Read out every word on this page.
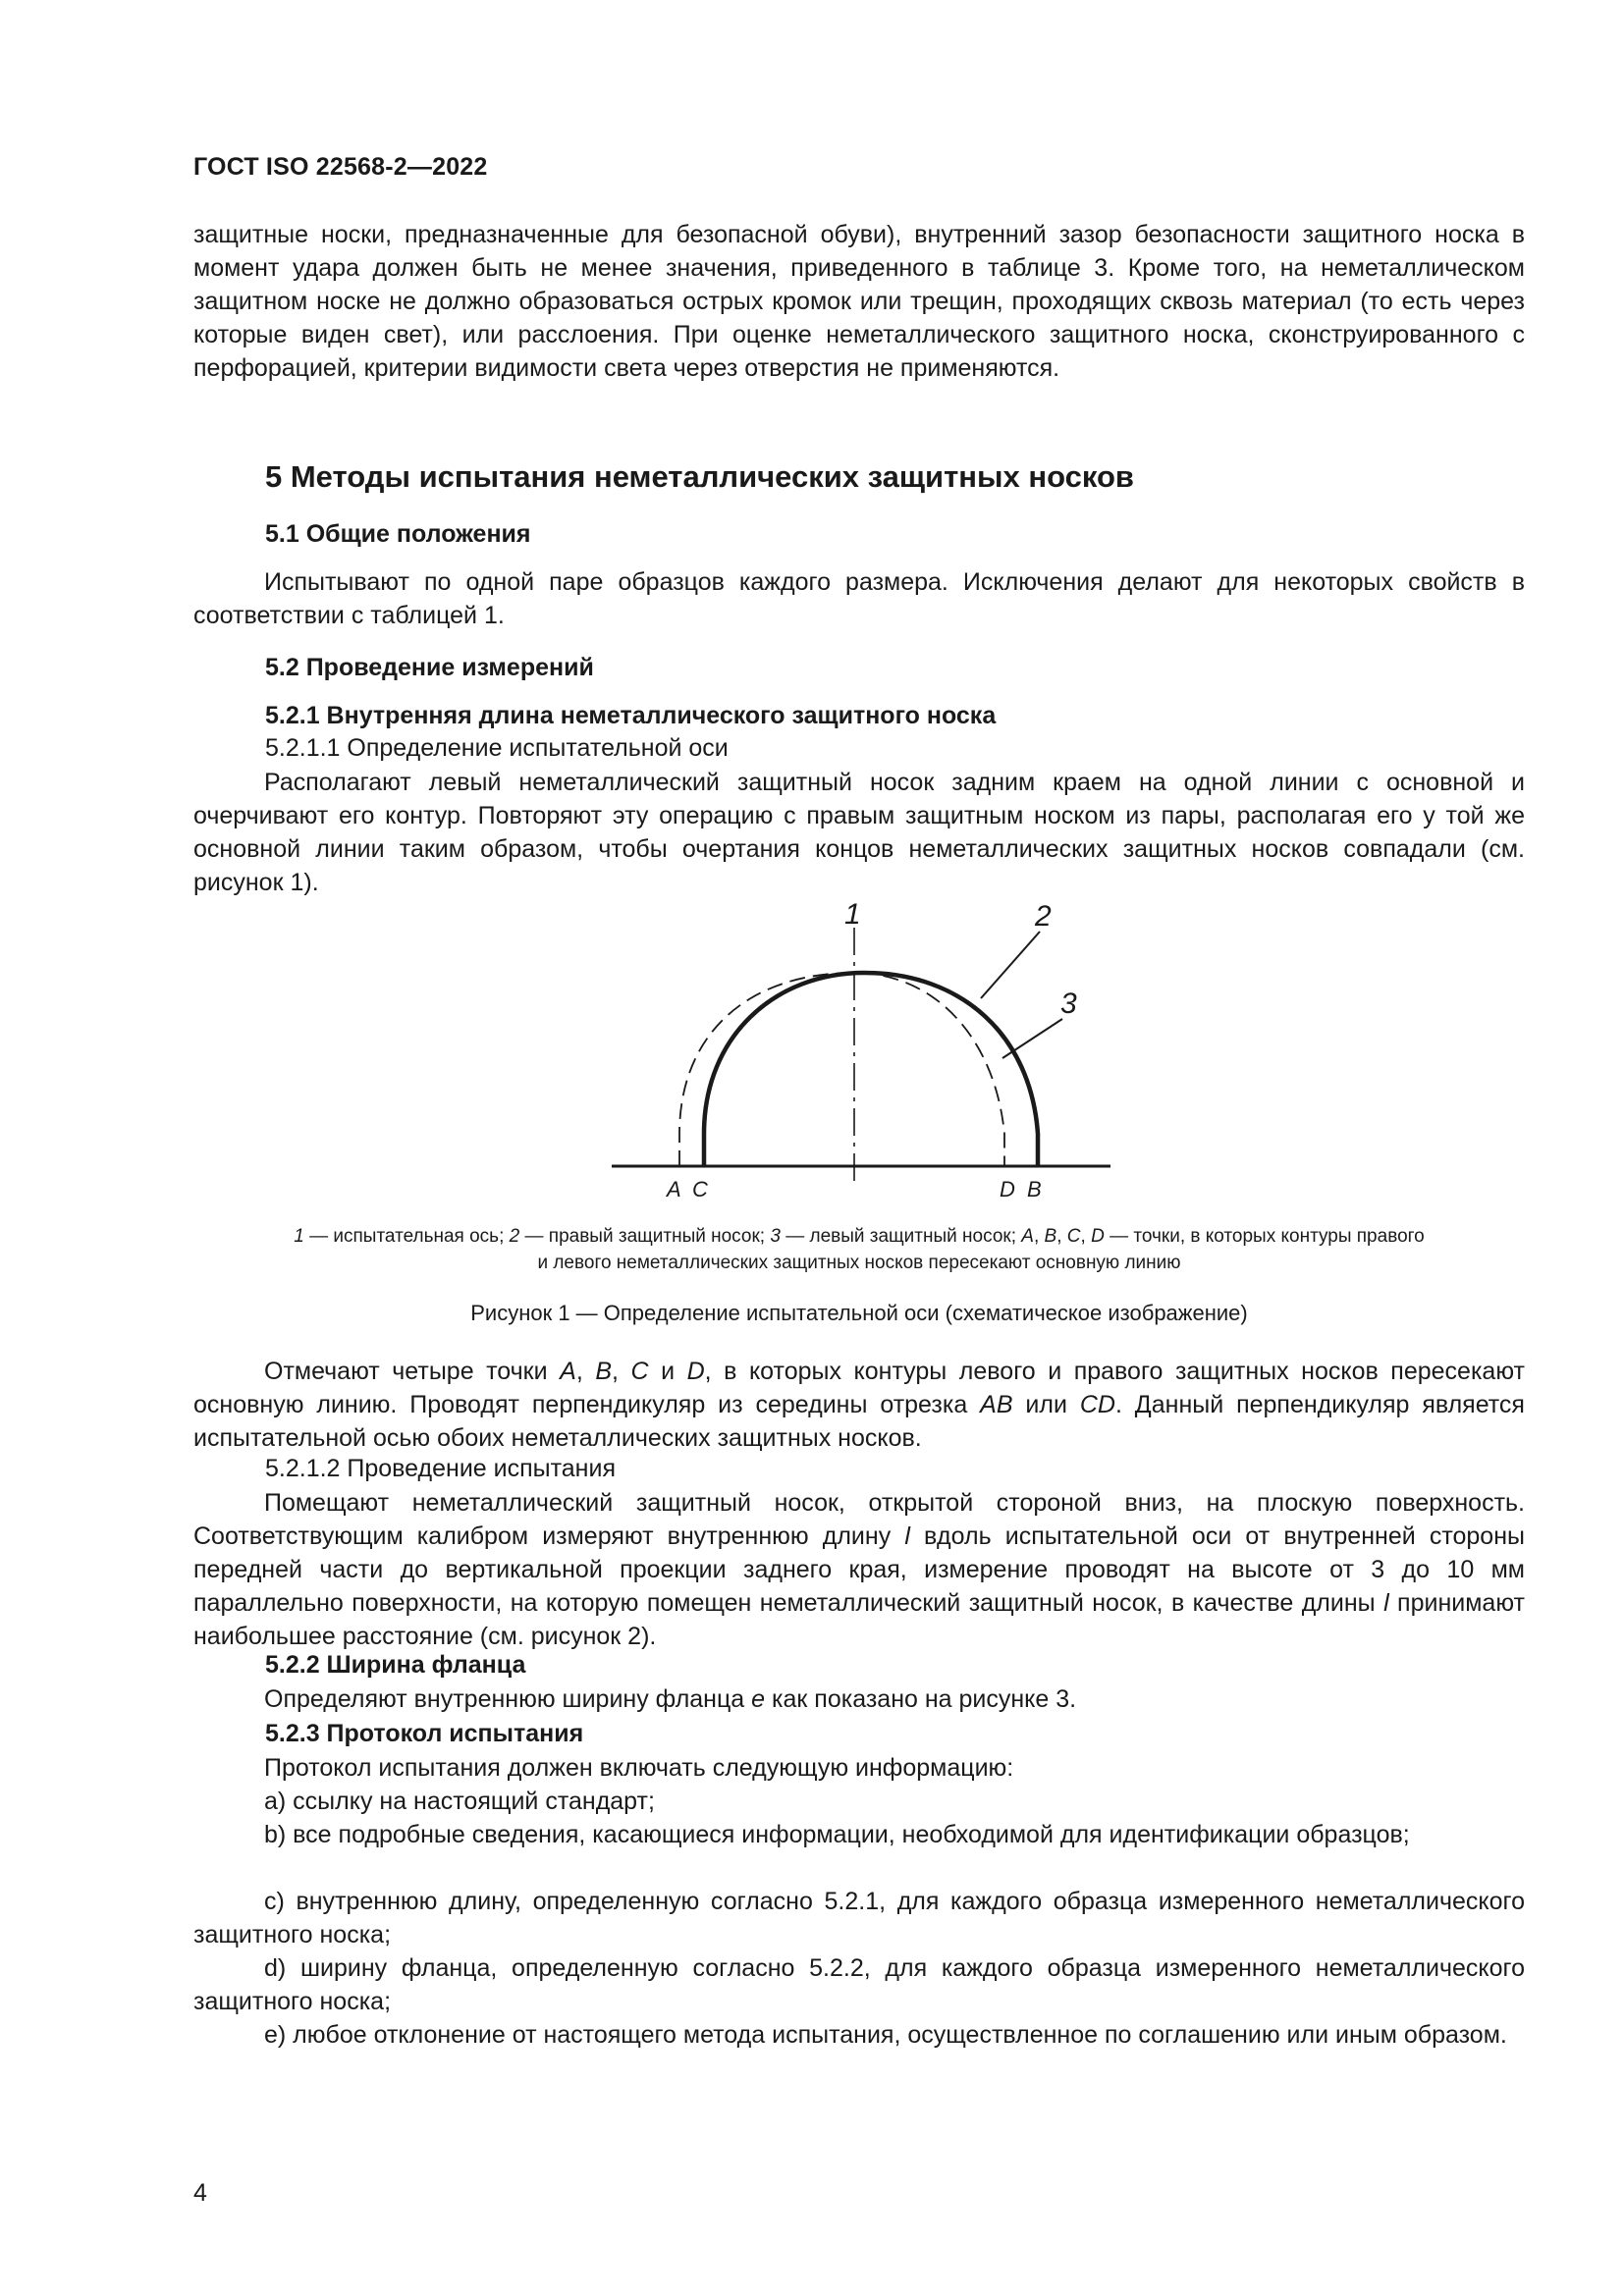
ГОСТ ISO 22568-2—2022

защитные носки, предназначенные для безопасной обуви), внутренний зазор безопасности защитного носка в момент удара должен быть не менее значения, приведенного в таблице 3. Кроме того, на неметаллическом защитном носке не должно образоваться острых кромок или трещин, проходящих сквозь материал (то есть через которые виден свет), или расслоения. При оценке неметаллического защитного носка, сконструированного с перфорацией, критерии видимости света через отверстия не применяются.

5 Методы испытания неметаллических защитных носков
5.1 Общие положения

Испытывают по одной паре образцов каждого размера. Исключения делают для некоторых свойств в соответствии с таблицей 1.

5.2 Проведение измерений
5.2.1 Внутренняя длина неметаллического защитного носка
5.2.1.1 Определение испытательной оси

Располагают левый неметаллический защитный носок задним краем на одной линии с основной и очерчивают его контур. Повторяют эту операцию с правым защитным носком из пары, располагая его у той же основной линии таким образом, чтобы очертания концов неметаллических защитных носков совпадали (см. рисунок 1).

1	2
3
A C	D B
1 — испытательная ось; 2 — правый защитный носок; 3 — левый защитный носок; A, B, C, D — точки, в которых контуры правого
и левого неметаллических защитных носков пересекают основную линию
Рисунок 1 — Определение испытательной оси (схематическое изображение)

Отмечают четыре точки A, B, C и D, в которых контуры левого и правого защитных носков пересекают основную линию. Проводят перпендикуляр из середины отрезка AB или CD. Данный перпендикуляр является испытательной осью обоих неметаллических защитных носков.

5.2.1.2 Проведение испытания

Помещают неметаллический защитный носок, открытой стороной вниз, на плоскую поверхность. Соответствующим калибром измеряют внутреннюю длину l вдоль испытательной оси от внутренней стороны передней части до вертикальной проекции заднего края, измерение проводят на высоте от 3 до 10 мм параллельно поверхности, на которую помещен неметаллический защитный носок, в качестве длины l принимают наибольшее расстояние (см. рисунок 2).

5.2.2 Ширина фланца

Определяют внутреннюю ширину фланца e как показано на рисунке 3.

5.2.3 Протокол испытания

Протокол испытания должен включать следующую информацию:

a) ссылку на настоящий стандарт;

b) все подробные сведения, касающиеся информации, необходимой для идентификации образцов;

c) внутреннюю длину, определенную согласно 5.2.1, для каждого образца измеренного неметаллического защитного носка;

d) ширину фланца, определенную согласно 5.2.2, для каждого образца измеренного неметаллического защитного носка;

e) любое отклонение от настоящего метода испытания, осуществленное по соглашению или иным образом.

4
